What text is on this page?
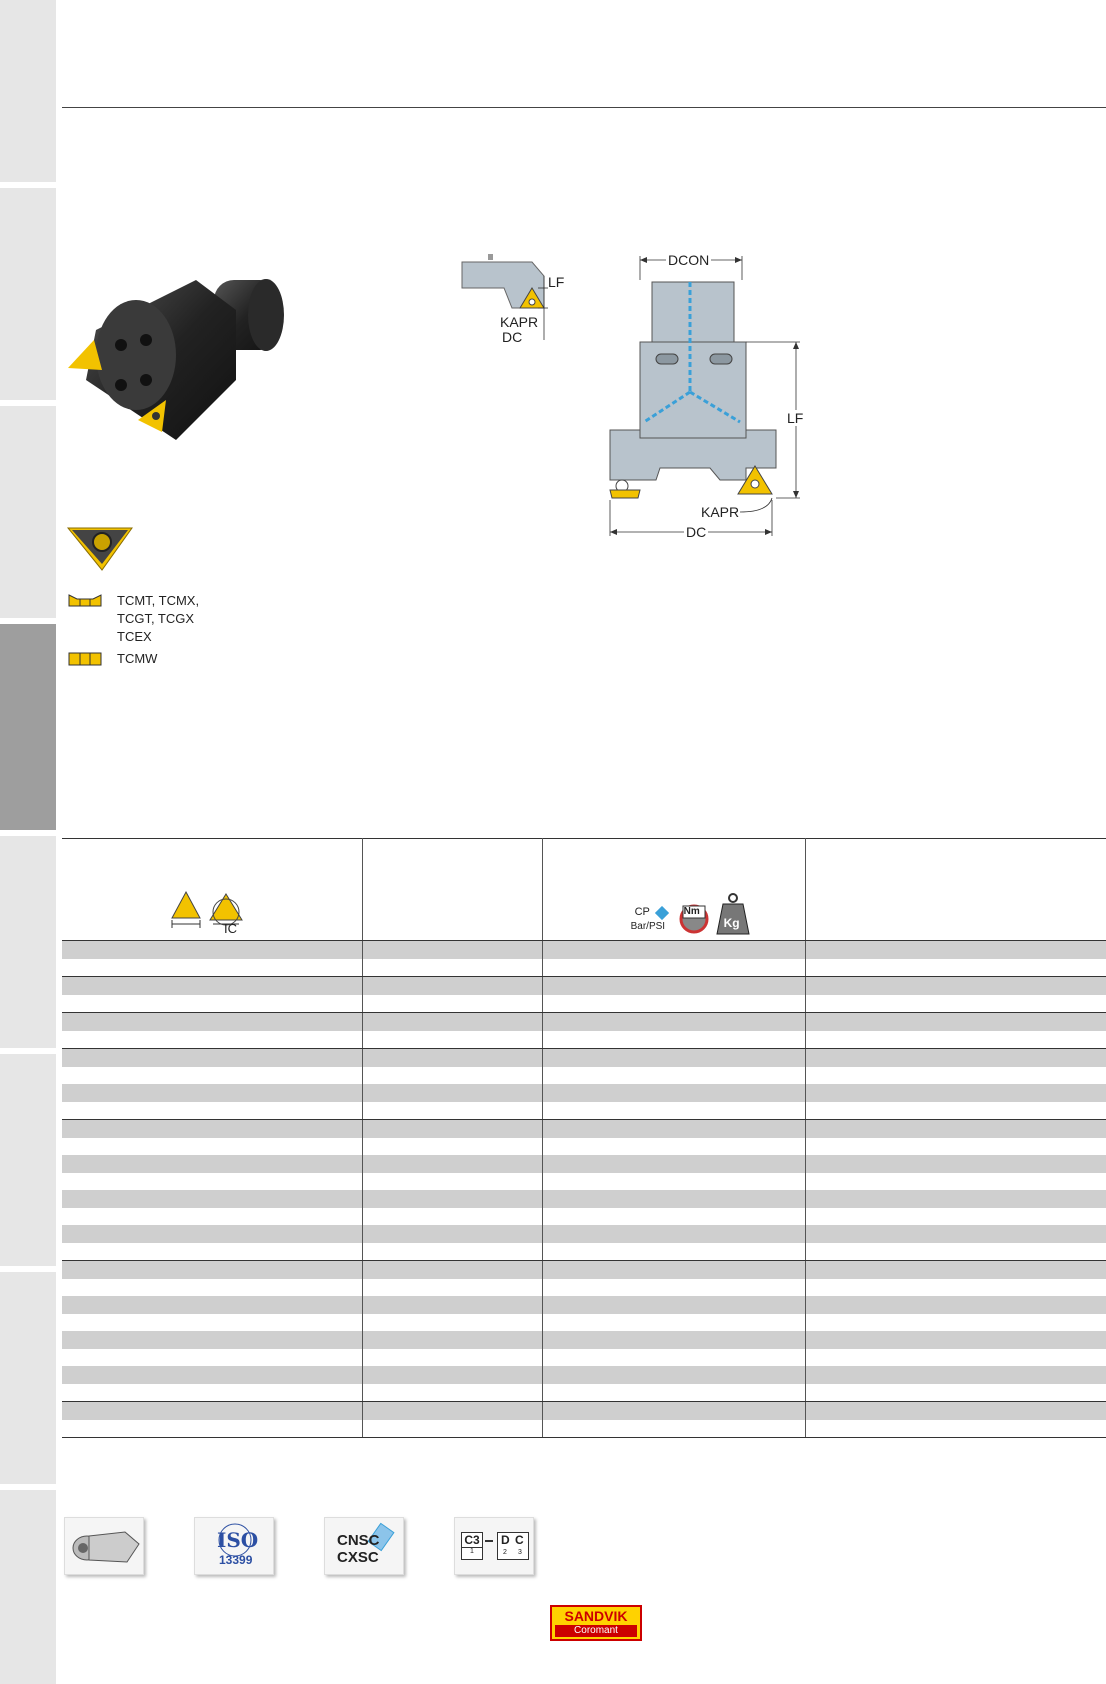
TCMT, TCMX,
TCGT, TCGX
TCEX
TCMW
LF
KAPR
DC
DCON
LF
KAPR
DC
IC		CP
Bar/PSI
Nm
Kg	

ISO
13399
CNSC
CXSC
C3
1
D C
2 3
SANDVIK
Coromant
